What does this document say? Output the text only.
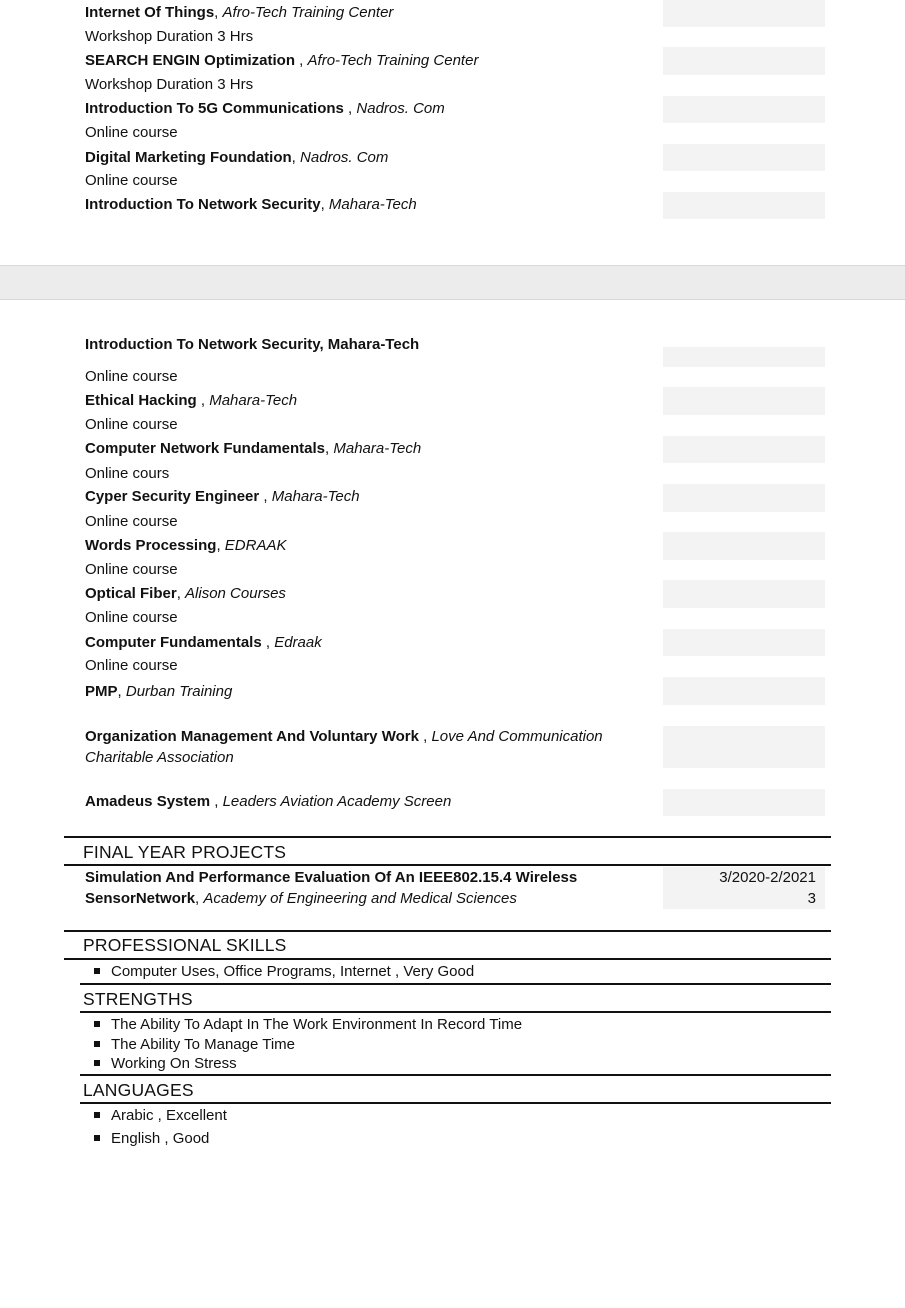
Internet Of Things, Afro-Tech Training Center
Workshop Duration 3 Hrs
SEARCH ENGIN Optimization , Afro-Tech Training Center
Workshop Duration 3 Hrs
Introduction To 5G Communications , Nadros. Com
Online course
Digital Marketing Foundation, Nadros. Com
Online course
Introduction To Network Security, Mahara-Tech
Introduction To Network Security, Mahara-Tech
Online course
Ethical Hacking , Mahara-Tech
Online course
Computer Network Fundamentals, Mahara-Tech
Online cours
Cyper Security Engineer , Mahara-Tech
Online course
Words Processing, EDRAAK
Online course
Optical Fiber, Alison Courses
Online course
Computer Fundamentals , Edraak
Online course
PMP, Durban Training
Organization Management And Voluntary Work , Love And Communication
Charitable Association
Amadeus System , Leaders Aviation Academy Screen
FINAL YEAR PROJECTS
Simulation And Performance Evaluation Of An IEEE802.15.4 Wireless
SensorNetwork, Academy of Engineering and Medical Sciences
3/2020-2/2021
3
PROFESSIONAL SKILLS
Computer Uses, Office Programs, Internet , Very Good
STRENGTHS
The Ability To Adapt In The Work Environment In Record Time
The Ability To Manage Time
Working On Stress
LANGUAGES
Arabic , Excellent
English , Good
